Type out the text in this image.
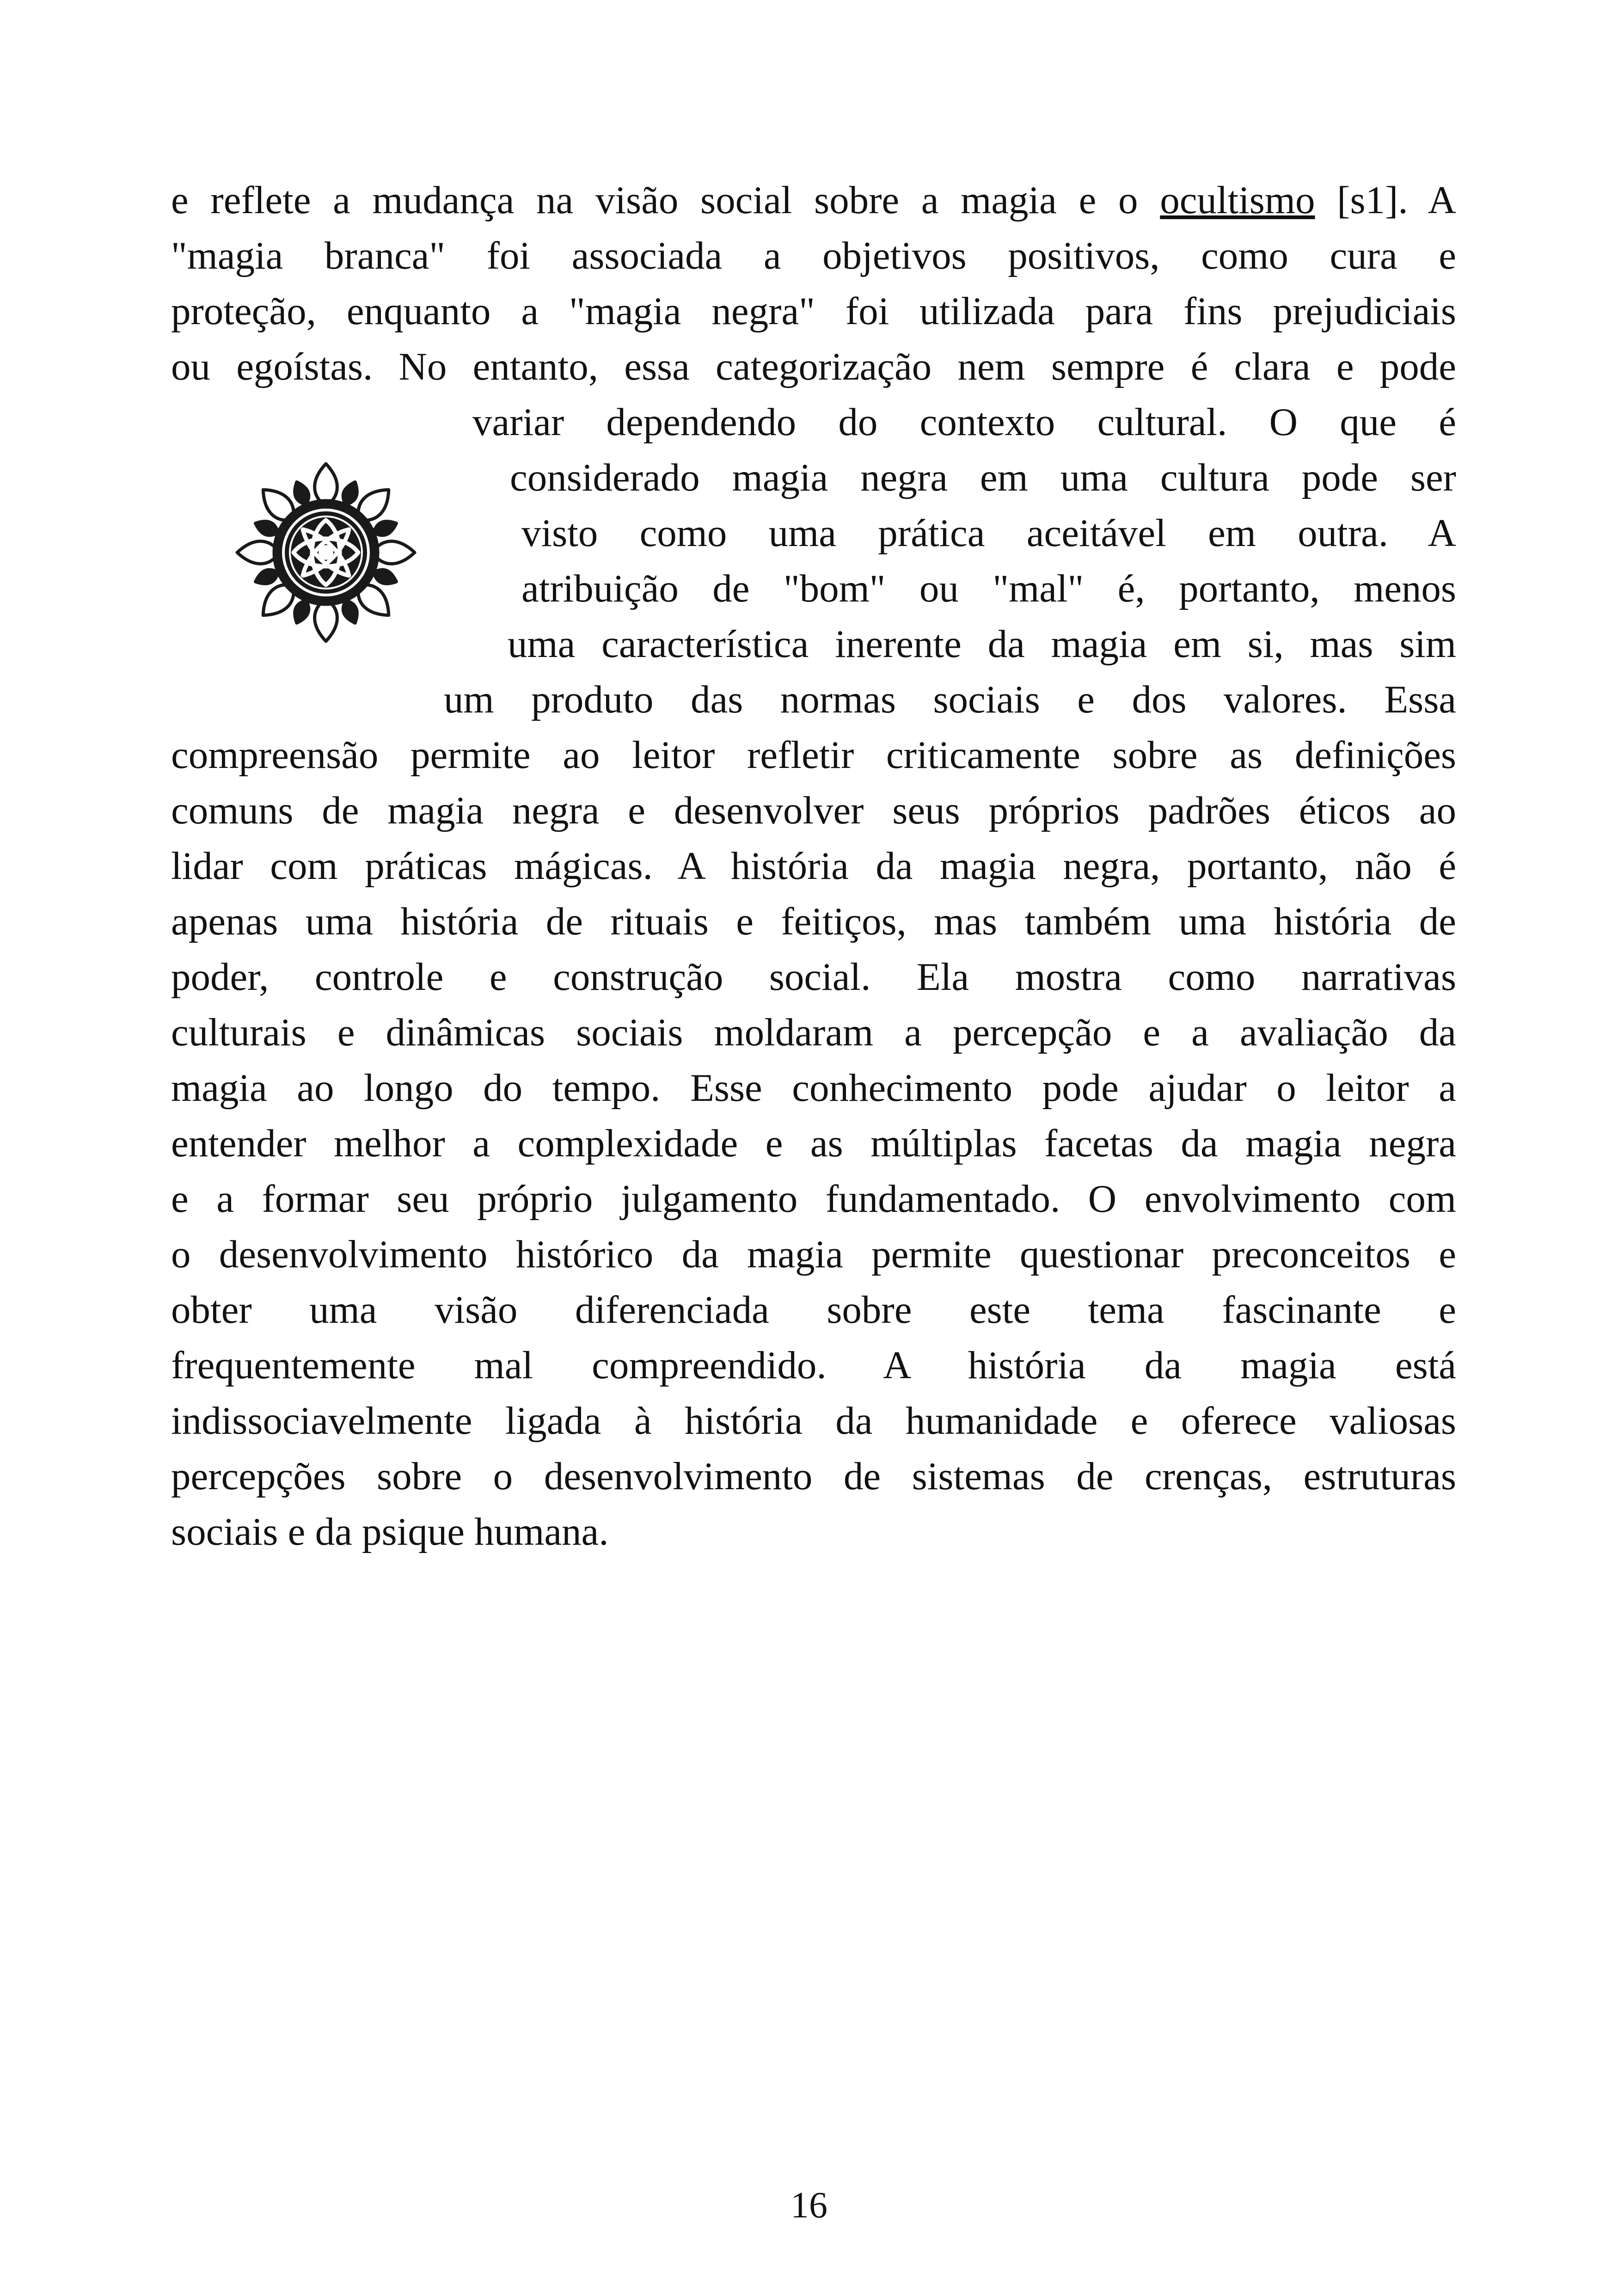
e reflete a mudança na visão social sobre a magia e o ocultismo [s1]. A
"magia branca" foi associada a objetivos positivos, como cura e
proteção, enquanto a "magia negra" foi utilizada para fins prejudiciais
ou egoístas. No entanto, essa categorização nem sempre é clara e pode
variar dependendo do contexto cultural. O que é
considerado magia negra em uma cultura pode ser
visto como uma prática aceitável em outra. A
atribuição de "bom" ou "mal" é, portanto, menos
uma característica inerente da magia em si, mas sim
um produto das normas sociais e dos valores. Essa
compreensão permite ao leitor refletir criticamente sobre as definições
comuns de magia negra e desenvolver seus próprios padrões éticos ao
lidar com práticas mágicas. A história da magia negra, portanto, não é
apenas uma história de rituais e feitiços, mas também uma história de
poder, controle e construção social. Ela mostra como narrativas
culturais e dinâmicas sociais moldaram a percepção e a avaliação da
magia ao longo do tempo. Esse conhecimento pode ajudar o leitor a
entender melhor a complexidade e as múltiplas facetas da magia negra
e a formar seu próprio julgamento fundamentado. O envolvimento com
o desenvolvimento histórico da magia permite questionar preconceitos e
obter uma visão diferenciada sobre este tema fascinante e
frequentemente mal compreendido. A história da magia está
indissociavelmente ligada à história da humanidade e oferece valiosas
percepções sobre o desenvolvimento de sistemas de crenças, estruturas
sociais e da psique humana.
16
